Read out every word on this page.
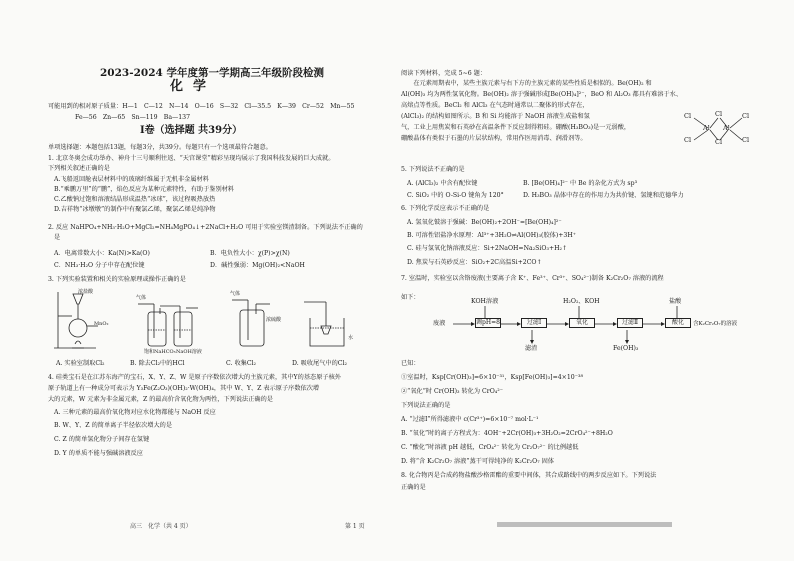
2023-2024 学年度第一学期高三年级阶段检测
化学
可能用到的相对原子质量：H—1　C—12　N—14　O—16　S—32　Cl—35.5　K—39　Cr—52　Mn—55
Fe—56　Zn—65　Sn—119　Ba—137
Ⅰ卷（选择题 共39分）
单项选择题：本题包括13题，每题3分，共39分。每题只有一个选项最符合题意。
1. 北京冬奥会成功举办、神舟十三号顺利往返、“天宫课堂”精彩呈现均展示了我国科技发展的巨大成就。
下列相关叙述正确的是
A.飞船返回舱表层材料中的玻璃纤维属于无机非金属材料
B.“乘鹏万里”的“鹏”，焰色反应为某种元素特性，有助于鉴别材料
C.乙酸钠过饱和溶液结晶形成温热“冰球”，该过程吸热放热
D.吉祥物“冰墩墩”的制作中有聚氯乙烯，聚氯乙烯是纯净物
2. 反应 NaHPO₄+NH₃·H₂O+MgCl₂=NH₄MgPO₄↓+2NaCl+H₂O 可用于实验室镁渣制备。下列说法不正确的
是
A．电离常数大小：Ka(N)>Ka(O)	B．电负性大小：χ(P)>χ(N)
C．NH₃·H₂O 分子中存在配位键	D．碱性强弱：Mg(OH)₂<NaOH
3. 下列实验装置和相关的实验原理或操作正确的是
浓盐酸
MnO₂
饱和NaHCO₃
气体
NaOH溶液
浓硫酸
气体
水
A. 实验室制取Cl₂	B. 除去Cl₂中的HCl	C. 收集Cl₂	D. 吸收尾气中的Cl₂
4. 硅类宝石是在江苏东海产的宝石，X、Y、Z、W 是原子序数依次增大的主族元素，其中Y的基态原子核外
原子轨道上有一种成分可表示为 Y₃Fe(Z₂O₃)(OH)₂·W(OH)₄，其中 W、Y、Z 表示原子序数依次增
大的元素，W 元素为非金属元素，Z 的最高价含氧化物为两性，下列说法正确的是
A. 三种元素的最高价氧化物对应水化物都能与 NaOH 反应
B. W、Y、Z 的简单离子半径依次增大的是
C. Z 的简单氢化物分子间存在氢键
D. Y 的单质不能与强碱溶液反应
高三　化学（共 4 页）	第 1 页
阅读下列材料，完成 5~6 题：
　　在元素周期表中，某些主族元素与右下方的主族元素的某些性质是相似的。Be(OH)₂ 和
Al(OH)₃ 均为两性氢氧化物。Be(OH)₂ 溶于强碱形成[Be(OH)₄]²⁻，BeO 和 Al₂O₃ 都具有难溶于水、
高熔点等性质。BeCl₂ 和 AlCl₃ 在气态时通常以二聚体的形式存在，
(AlCl₃)₂ 的结构如图所示。B 和 Si 均能溶于 NaOH 溶液生成盐和氢
气，工业上用焦炭和石英砂在高温条件下反应制得粗硅。硼酸(H₃BO₃)是一元弱酸，
硼酸晶体有类似于石墨的片层状结构，常用作医用消毒、润滑剂等。
Cl
Cl
Al
Cl
Al
Cl
Cl
Cl
5. 下列说法不正确的是
A. (AlCl₃)₂ 中含有配位键	B. [Be(OH)₄]²⁻ 中 Be 的杂化方式为 sp³
C. SiO₂ 中的 O-Si-O 键角为 120°	D. H₃BO₃ 晶体中存在的作用力为共价键、氢键和范德华力
6. 下列化学反应表示不正确的是
A. 氢氧化铍溶于强碱：Be(OH)₂+2OH⁻=[Be(OH)₄]²⁻
B. 可溶性铝盐净水原理：Al³⁺+3H₂O⇌Al(OH)₃(胶体)+3H⁺
C. 硅与氢氧化钠溶液反应：Si+2NaOH=Na₂SiO₃+H₂↑
D. 焦炭与石英砂反应：SiO₂+2C高温Si+2CO↑
7. 室温时，实验室以含铬废液(主要离子含 K⁺、Fe³⁺、Cr³⁺、SO₄²⁻)制备 K₂Cr₂O₇ 溶液的流程
如下：
KOH溶液	H₂O₂、KOH	盐酸
废液	调pH=8	过滤Ⅰ	氧化	过滤Ⅱ	酸化	含K₂Cr₂O₇的溶液
滤渣	Fe(OH)₃
已知：
①室温时，Ksp[Cr(OH)₃]=6×10⁻³¹，Ksp[Fe(OH)₃]=4×10⁻³⁸
②“氧化”时 Cr(OH)₃ 转化为 CrO₄²⁻
下列说法正确的是
A. “过滤Ⅰ”所得滤液中 c(Cr³⁺)=6×10⁻⁷ mol·L⁻¹
B. “氧化”时的离子方程式为：4OH⁻+2Cr(OH)₃+3H₂O₂=2CrO₄²⁻+8H₂O
C. “酸化”时溶液 pH 越低，CrO₄²⁻ 转化为 Cr₂O₇²⁻ 的比例越低
D. 将“含 K₂Cr₂O₇ 溶液”蒸干可得纯净的 K₂Cr₂O₇ 固体
8. 化合物丙是合成药物盐酸沙格雷酯的重要中间体，其合成路线中的两步反应如下。下列说法
正确的是
